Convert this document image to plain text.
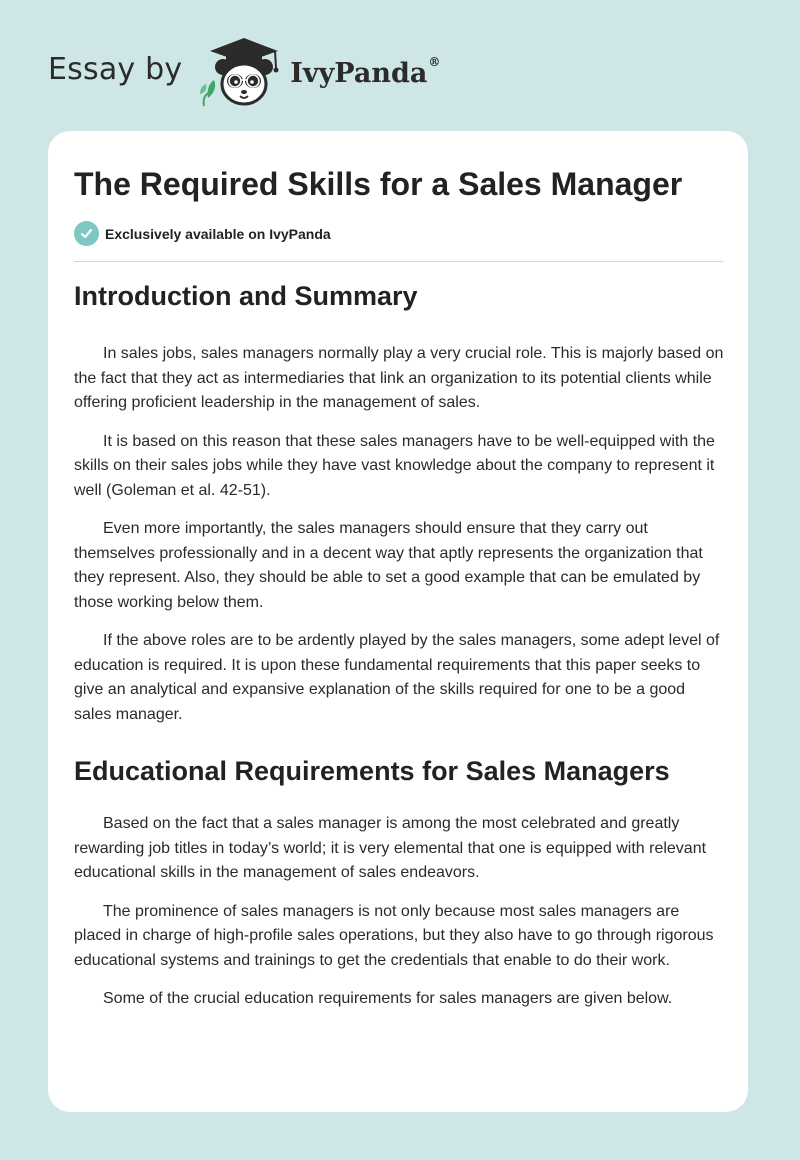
Essay by	IvyPanda®
The Required Skills for a Sales Manager
Exclusively available on IvyPanda
Introduction and Summary

In sales jobs, sales managers normally play a very crucial role. This is majorly based on the fact that they act as intermediaries that link an organization to its potential clients while offering proficient leadership in the management of sales.

It is based on this reason that these sales managers have to be well-equipped with the skills on their sales jobs while they have vast knowledge about the company to represent it well (Goleman et al. 42-51).

Even more importantly, the sales managers should ensure that they carry out themselves professionally and in a decent way that aptly represents the organization that they represent. Also, they should be able to set a good example that can be emulated by those working below them.

If the above roles are to be ardently played by the sales managers, some adept level of education is required. It is upon these fundamental requirements that this paper seeks to give an analytical and expansive explanation of the skills required for one to be a good sales manager.

Educational Requirements for Sales Managers

Based on the fact that a sales manager is among the most celebrated and greatly rewarding job titles in today’s world; it is very elemental that one is equipped with relevant educational skills in the management of sales endeavors.

The prominence of sales managers is not only because most sales managers are placed in charge of high-profile sales operations, but they also have to go through rigorous educational systems and trainings to get the credentials that enable to do their work.

Some of the crucial education requirements for sales managers are given below.
